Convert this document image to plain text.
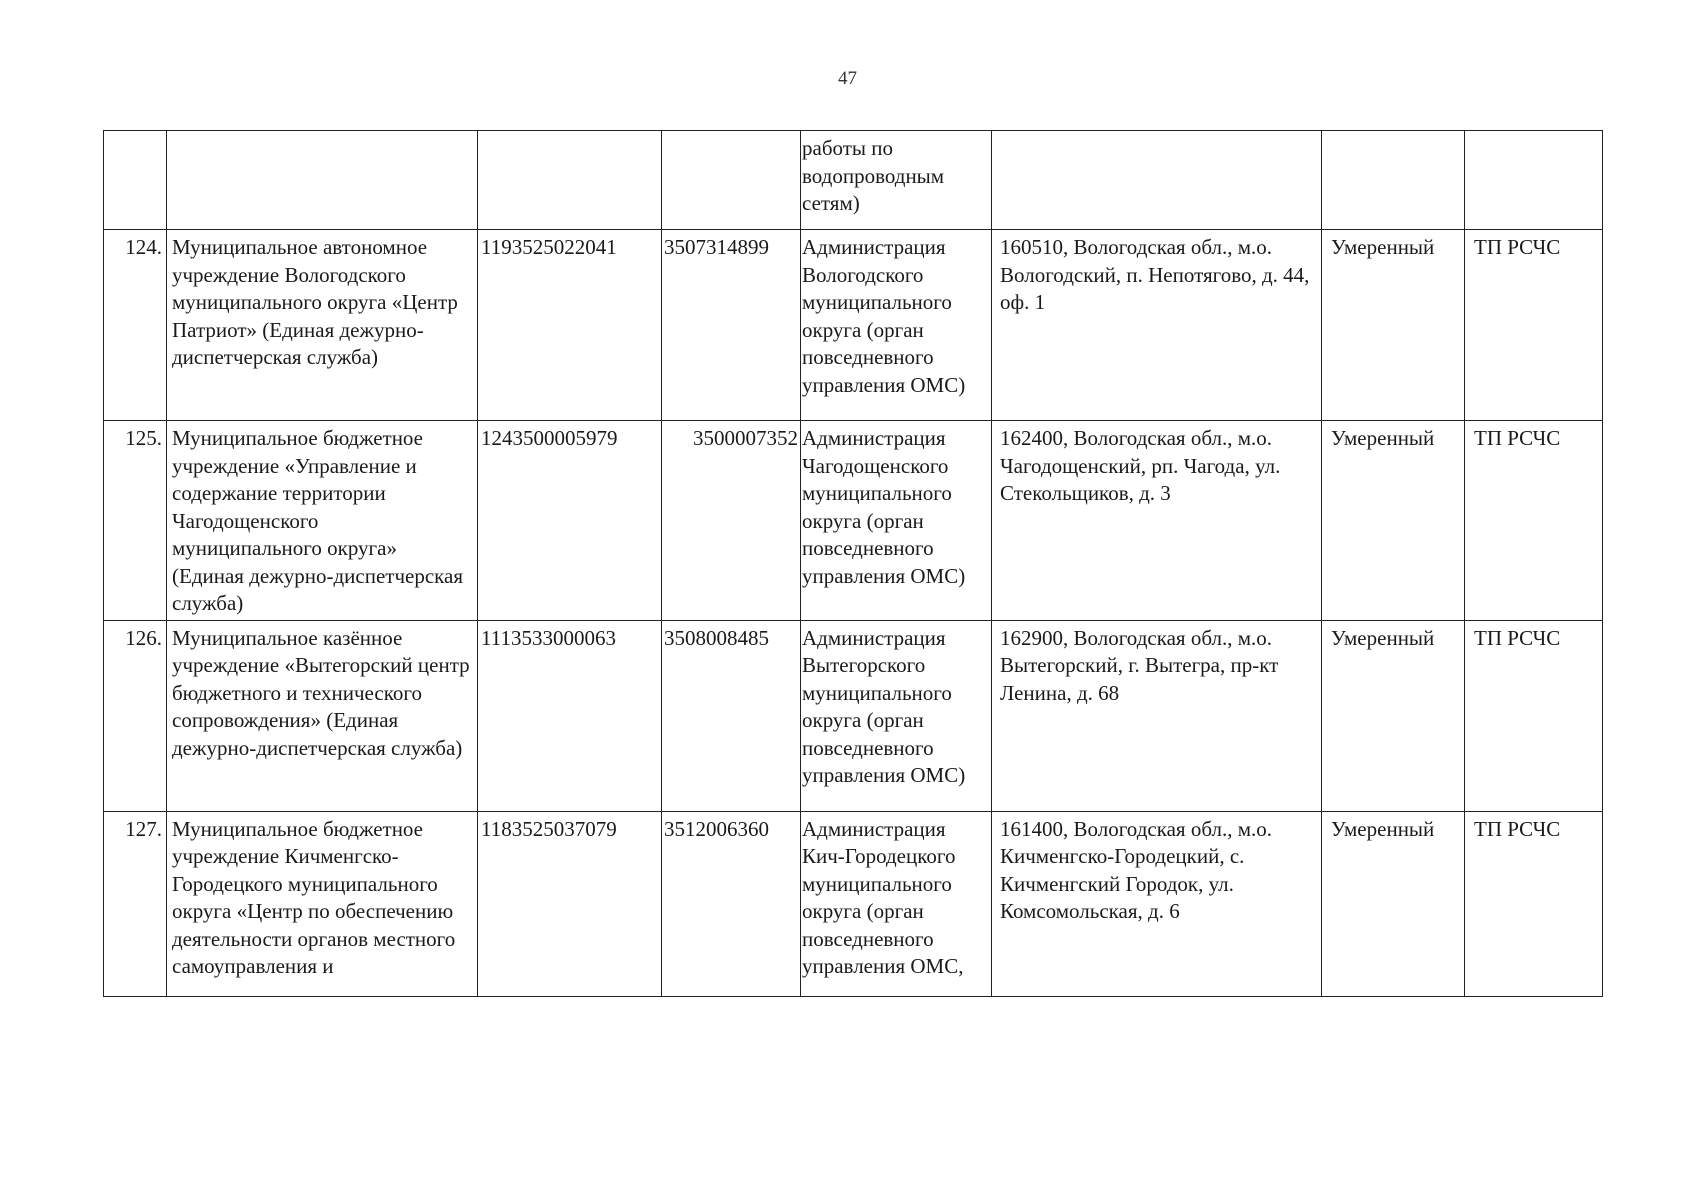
47
				работы по водопроводным сетям)			
124.	Муниципальное автономное учреждение Вологодского муниципального округа «Центр Патриот» (Единая дежурно-диспетчерская служба)	1193525022041	3507314899	Администрация Вологодского муниципального округа (орган повседневного управления ОМС)	160510, Вологодская обл., м.о. Вологодский, п. Непотягово, д. 44, оф. 1	Умеренный	ТП РСЧС
125.	Муниципальное бюджетное учреждение «Управление и содержание территории Чагодощенского муниципального округа» (Единая дежурно-диспетчерская служба)	1243500005979	3500007352	Администрация Чагодощенского муниципального округа (орган повседневного управления ОМС)	162400, Вологодская обл., м.о. Чагодощенский, рп. Чагода, ул. Стекольщиков, д. 3	Умеренный	ТП РСЧС
126.	Муниципальное казённое учреждение «Вытегорский центр бюджетного и технического сопровождения» (Единая дежурно-диспетчерская служба)	1113533000063	3508008485	Администрация Вытегорского муниципального округа (орган повседневного управления ОМС)	162900, Вологодская обл., м.о. Вытегорский, г. Вытегра, пр-кт Ленина, д. 68	Умеренный	ТП РСЧС
127.	Муниципальное бюджетное учреждение Кичменгско-Городецкого муниципального округа «Центр по обеспечению деятельности органов местного самоуправления и	1183525037079	3512006360	Администрация Кич-Городецкого муниципального округа (орган повседневного управления ОМС,	161400, Вологодская обл., м.о. Кичменгско-Городецкий, с. Кичменгский Городок, ул. Комсомольская, д. 6	Умеренный	ТП РСЧС
